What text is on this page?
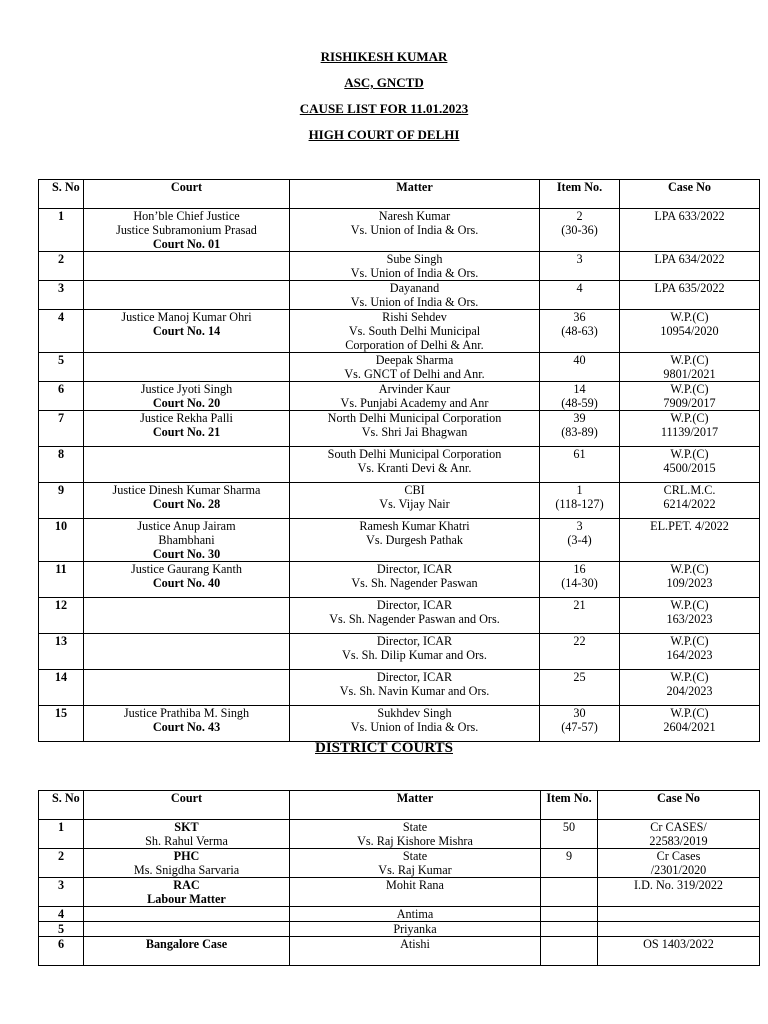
RISHIKESH KUMAR
ASC, GNCTD
CAUSE LIST FOR 11.01.2023
HIGH COURT OF DELHI
S. No	Court	Matter	Item No.	Case No
1	Hon’ble Chief Justice
Justice Subramonium Prasad
Court No. 01	Naresh Kumar
Vs. Union of India & Ors.	2
(30-36)	LPA 633/2022

2		Sube Singh
Vs. Union of India & Ors.	3	LPA 634/2022

3		Dayanand
Vs. Union of India & Ors.	4	LPA 635/2022

4	Justice Manoj Kumar Ohri
Court No. 14	Rishi Sehdev
Vs. South Delhi Municipal
Corporation of Delhi & Anr.	36
(48-63)	W.P.(C)
10954/2020

5		Deepak Sharma
Vs. GNCT of Delhi and Anr.	40	W.P.(C)
9801/2021

6	Justice Jyoti Singh
Court No. 20	Arvinder Kaur
Vs. Punjabi Academy and Anr	14
(48-59)	W.P.(C)
7909/2017

7	Justice Rekha Palli
Court No. 21	North Delhi Municipal Corporation
Vs. Shri Jai Bhagwan	39
(83-89)	W.P.(C)
11139/2017

8		South Delhi Municipal Corporation
Vs. Kranti Devi & Anr.	61	W.P.(C)
4500/2015

9	Justice Dinesh Kumar Sharma
Court No. 28	CBI
Vs. Vijay Nair	1
(118-127)	CRL.M.C.
6214/2022

10	Justice Anup Jairam
Bhambhani
Court No. 30	Ramesh Kumar Khatri
Vs. Durgesh Pathak	3
(3-4)	EL.PET. 4/2022

11	Justice Gaurang Kanth
Court No. 40	Director, ICAR
Vs. Sh. Nagender Paswan	16
(14-30)	W.P.(C)
109/2023

12		Director, ICAR
Vs. Sh. Nagender Paswan and Ors.	21	W.P.(C)
163/2023

13		Director, ICAR
Vs. Sh. Dilip Kumar and Ors.	22	W.P.(C)
164/2023

14		Director, ICAR
Vs. Sh. Navin Kumar and Ors.	25	W.P.(C)
204/2023

15	Justice Prathiba M. Singh
Court No. 43	Sukhdev Singh
Vs. Union of India & Ors.	30
(47-57)	W.P.(C)
2604/2021
DISTRICT COURTS
S. No	Court	Matter	Item No.	Case No
1	SKT
Sh. Rahul Verma	State
Vs. Raj Kishore Mishra	50	Cr CASES/
22583/2019

2	PHC
Ms. Snigdha Sarvaria	State
Vs. Raj Kumar	9	Cr Cases
/2301/2020

3	RAC
Labour Matter	Mohit Rana		I.D. No. 319/2022

4		Antima		

5		Priyanka		

6	Bangalore Case	Atishi		OS 1403/2022
